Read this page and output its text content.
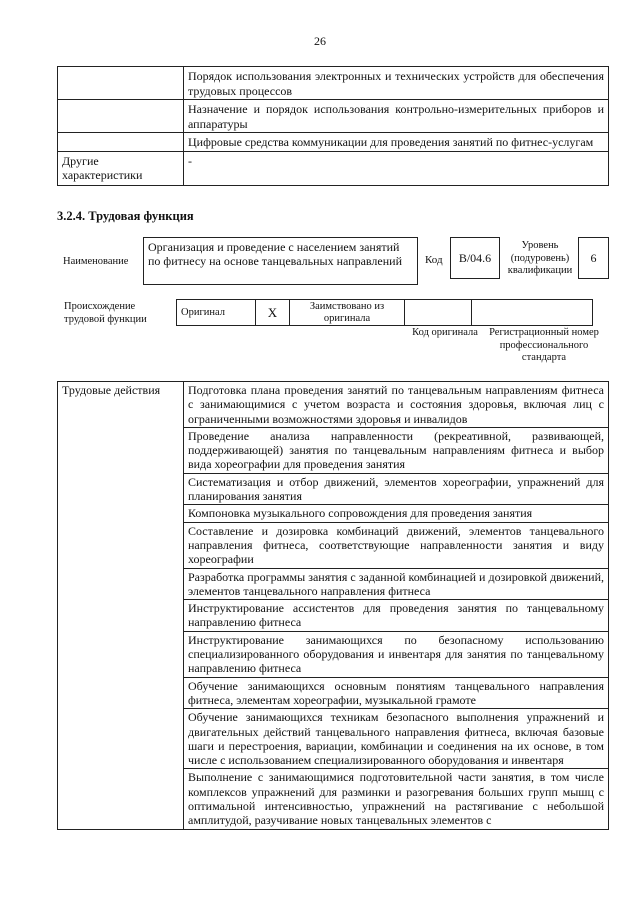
26
	Порядок использования электронных и технических устройств для обеспечения трудовых процессов
	Назначение и порядок использования контрольно-измерительных приборов и аппаратуры
	Цифровые средства коммуникации для проведения занятий по фитнес-услугам
Другие характеристики	-
3.2.4. Трудовая функция
Наименование
Организация и проведение с населением занятий по фитнесу на основе танцевальных направлений	Код	B/04.6
Уровень (подуровень) квалификации
6
Происхождение трудовой функции
Оригинал	X	Заимствовано из оригинала		
Код оригинала	Регистрационный номер профессионального стандарта
Трудовые действия	Подготовка плана проведения занятий по танцевальным направлениям фитнеса с занимающимися с учетом возраста и состояния здоровья, включая лиц с ограниченными возможностями здоровья и инвалидов
Проведение анализа направленности (рекреативной, развивающей, поддерживающей) занятия по танцевальным направлениям фитнеса и выбор вида хореографии для проведения занятия
Систематизация и отбор движений, элементов хореографии, упражнений для планирования занятия
Компоновка музыкального сопровождения для проведения занятия
Составление и дозировка комбинаций движений, элементов танцевального направления фитнеса, соответствующие направленности занятия и виду хореографии
Разработка программы занятия с заданной комбинацией и дозировкой движений, элементов танцевального направления фитнеса
Инструктирование ассистентов для проведения занятия по танцевальному направлению фитнеса
Инструктирование занимающихся по безопасному использованию специализированного оборудования и инвентаря для занятия по танцевальному направлению фитнеса
Обучение занимающихся основным понятиям танцевального направления фитнеса, элементам хореографии, музыкальной грамоте
Обучение занимающихся техникам безопасного выполнения упражнений и двигательных действий танцевального направления фитнеса, включая базовые шаги и перестроения, вариации, комбинации и соединения на их основе, в том числе с использованием специализированного оборудования и инвентаря
Выполнение с занимающимися подготовительной части занятия, в том числе комплексов упражнений для разминки и разогревания больших групп мышц с оптимальной интенсивностью, упражнений на растягивание с небольшой амплитудой, разучивание новых танцевальных элементов с
